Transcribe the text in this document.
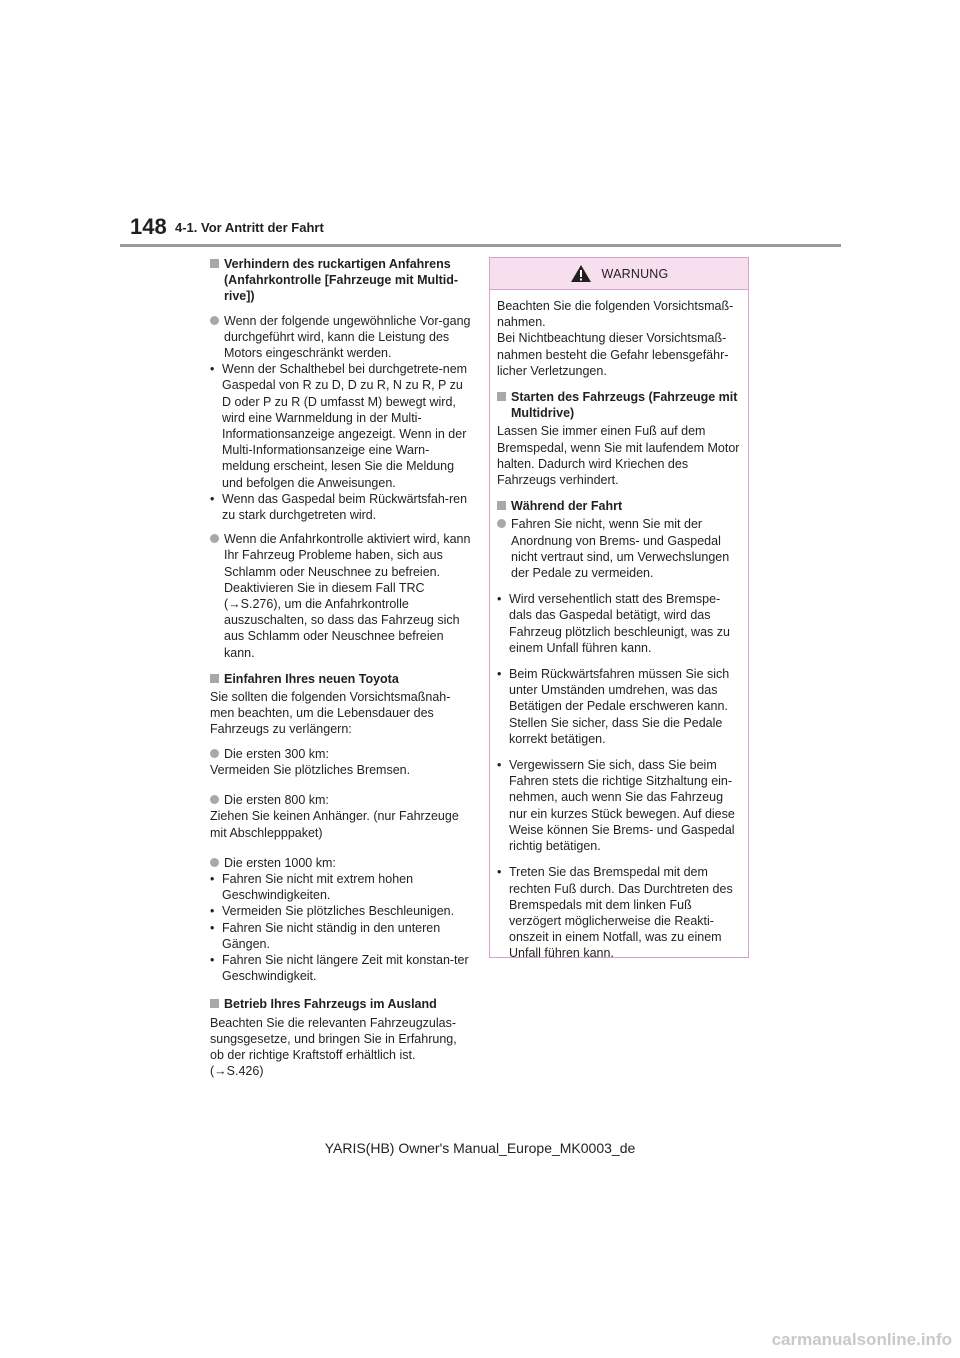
148 4-1. Vor Antritt der Fahrt
Verhindern des ruckartigen Anfahrens (Anfahrkontrolle [Fahrzeuge mit Multid-rive])
Wenn der folgende ungewöhnliche Vor-gang durchgeführt wird, kann die Leistung des Motors eingeschränkt werden.
• Wenn der Schalthebel bei durchgetrete-nem Gaspedal von R zu D, D zu R, N zu R, P zu D oder P zu R (D umfasst M) bewegt wird, wird eine Warnmeldung in der Multi-Informationsanzeige angezeigt. Wenn in der Multi-Informationsanzeige eine Warn-meldung erscheint, lesen Sie die Meldung und befolgen die Anweisungen.
• Wenn das Gaspedal beim Rückwärtsfah-ren zu stark durchgetreten wird.
Wenn die Anfahrkontrolle aktiviert wird, kann Ihr Fahrzeug Probleme haben, sich aus Schlamm oder Neuschnee zu befreien. Deaktivieren Sie in diesem Fall TRC (→S.276), um die Anfahrkontrolle auszuschalten, so dass das Fahrzeug sich aus Schlamm oder Neuschnee befreien kann.
Einfahren Ihres neuen Toyota

Sie sollten die folgenden Vorsichtsmaßnah-men beachten, um die Lebensdauer des Fahrzeugs zu verlängern:

Die ersten 300 km:

Vermeiden Sie plötzliches Bremsen.

Die ersten 800 km:

Ziehen Sie keinen Anhänger. (nur Fahrzeuge

mit Abschlepppaket)

Die ersten 1000 km:
• Fahren Sie nicht mit extrem hohen Geschwindigkeiten.
• Vermeiden Sie plötzliches Beschleunigen.
• Fahren Sie nicht ständig in den unteren Gängen.
• Fahren Sie nicht längere Zeit mit konstan-ter Geschwindigkeit.
Betrieb Ihres Fahrzeugs im Ausland

Beachten Sie die relevanten Fahrzeugzulas-sungsgesetze, und bringen Sie in Erfahrung, ob der richtige Kraftstoff erhältlich ist. (→S.426)

WARNUNG

Beachten Sie die folgenden Vorsichtsmaß-nahmen.

Bei Nichtbeachtung dieser Vorsichtsmaß-nahmen besteht die Gefahr lebensgefähr-licher Verletzungen.

Starten des Fahrzeugs (Fahrzeuge mit Multidrive)

Lassen Sie immer einen Fuß auf dem Bremspedal, wenn Sie mit laufendem Motor halten. Dadurch wird Kriechen des Fahrzeugs verhindert.

Während der Fahrt
Fahren Sie nicht, wenn Sie mit der Anordnung von Brems- und Gaspedal nicht vertraut sind, um Verwechslungen der Pedale zu vermeiden.
• Wird versehentlich statt des Bremspe-dals das Gaspedal betätigt, wird das Fahrzeug plötzlich beschleunigt, was zu einem Unfall führen kann.
• Beim Rückwärtsfahren müssen Sie sich unter Umständen umdrehen, was das Betätigen der Pedale erschweren kann. Stellen Sie sicher, dass Sie die Pedale korrekt betätigen.
• Vergewissern Sie sich, dass Sie beim Fahren stets die richtige Sitzhaltung ein-nehmen, auch wenn Sie das Fahrzeug nur ein kurzes Stück bewegen. Auf diese Weise können Sie Brems- und Gaspedal richtig betätigen.
• Treten Sie das Bremspedal mit dem rechten Fuß durch. Das Durchtreten des Bremspedals mit dem linken Fuß verzögert möglicherweise die Reakti-onszeit in einem Notfall, was zu einem Unfall führen kann.
YARIS(HB) Owner's Manual_Europe_MK0003_de
carmanualsonline.info
